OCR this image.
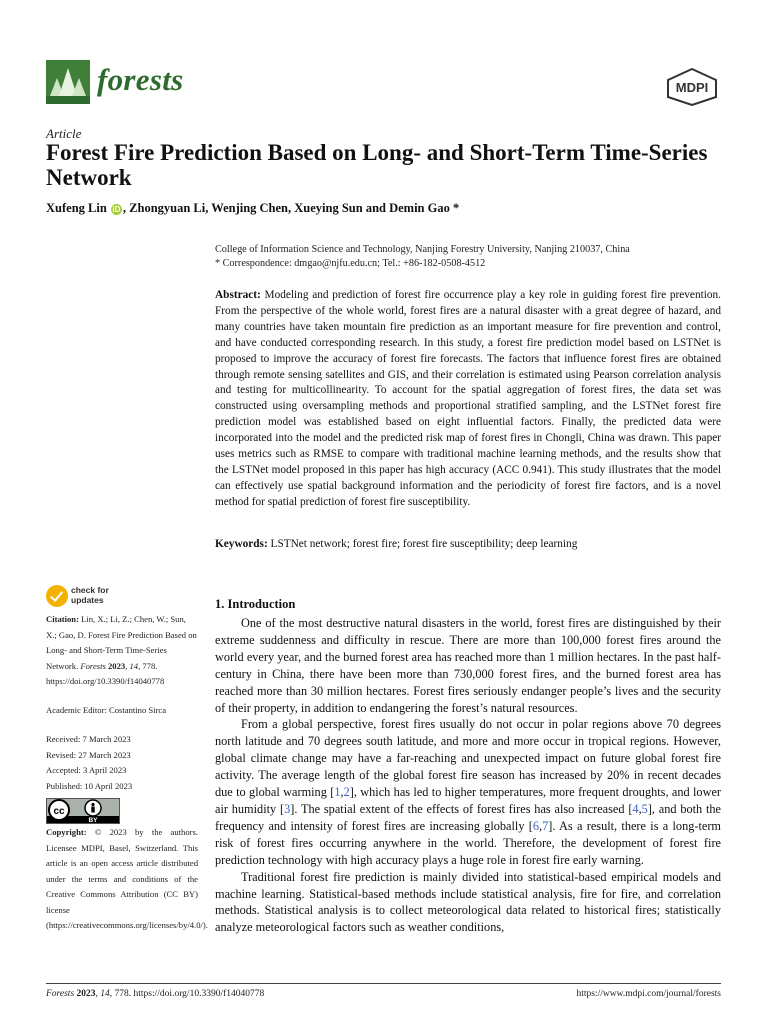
forests	MDPI
Article
Forest Fire Prediction Based on Long- and Short-Term Time-Series Network
Xufeng Lin iD , Zhongyuan Li, Wenjing Chen, Xueying Sun and Demin Gao *
College of Information Science and Technology, Nanjing Forestry University, Nanjing 210037, China
* Correspondence: dmgao@njfu.edu.cn; Tel.: +86-182-0508-4512
Abstract: Modeling and prediction of forest fire occurrence play a key role in guiding forest fire prevention. From the perspective of the whole world, forest fires are a natural disaster with a great degree of hazard, and many countries have taken mountain fire prediction as an important measure for fire prevention and control, and have conducted corresponding research. In this study, a forest fire prediction model based on LSTNet is proposed to improve the accuracy of forest fire forecasts. The factors that influence forest fires are obtained through remote sensing satellites and GIS, and their correlation is estimated using Pearson correlation analysis and testing for multicollinearity. To account for the spatial aggregation of forest fires, the data set was constructed using oversampling methods and proportional stratified sampling, and the LSTNet forest fire prediction model was established based on eight influential factors. Finally, the predicted data were incorporated into the model and the predicted risk map of forest fires in Chongli, China was drawn. This paper uses metrics such as RMSE to compare with traditional machine learning methods, and the results show that the LSTNet model proposed in this paper has high accuracy (ACC 0.941). This study illustrates that the model can effectively use spatial background information and the periodicity of forest fire factors, and is a novel method for spatial prediction of forest fire susceptibility.
Keywords: LSTNet network; forest fire; forest fire susceptibility; deep learning
check for
updates
Citation: Lin, X.; Li, Z.; Chen, W.; Sun, X.; Gao, D. Forest Fire Prediction Based on Long- and Short-Term Time-Series Network. Forests 2023, 14, 778. https://doi.org/10.3390/f14040778
Academic Editor: Costantino Sirca
Received: 7 March 2023
Revised: 27 March 2023
Accepted: 3 April 2023
Published: 10 April 2023
cc
BY
Copyright: © 2023 by the authors. Licensee MDPI, Basel, Switzerland. This article is an open access article distributed under the terms and conditions of the Creative Commons Attribution (CC BY) license (https://creativecommons.org/licenses/by/4.0/).
1. Introduction

One of the most destructive natural disasters in the world, forest fires are distinguished by their extreme suddenness and difficulty in rescue. There are more than 100,000 forest fires around the world every year, and the burned forest area has reached more than 1 million hectares. In the past half-century in China, there have been more than 730,000 forest fires, and the burned forest area has reached more than 30 million hectares. Forest fires seriously endanger people’s lives and the security of their property, in addition to endangering the forest’s natural resources.

From a global perspective, forest fires usually do not occur in polar regions above 70 degrees north latitude and 70 degrees south latitude, and more and more occur in tropical regions. However, global climate change may have a far-reaching and unexpected impact on future global forest fire activity. The average length of the global forest fire season has increased by 20% in recent decades due to global warming [1,2], which has led to higher temperatures, more frequent droughts, and lower air humidity [3]. The spatial extent of the effects of forest fires has also increased [4,5], and both the frequency and intensity of forest fires are increasing globally [6,7]. As a result, there is a long-term risk of forest fires occurring anywhere in the world. Therefore, the development of forest fire prediction technology with high accuracy plays a huge role in forest fire early warning.

Traditional forest fire prediction is mainly divided into statistical-based empirical models and machine learning. Statistical-based methods include statistical analysis, fire for fire, and correlation methods. Statistical analysis is to collect meteorological data related to historical fires; statistically analyze meteorological factors such as weather conditions,

Forests 2023, 14, 778. https://doi.org/10.3390/f14040778	https://www.mdpi.com/journal/forests
